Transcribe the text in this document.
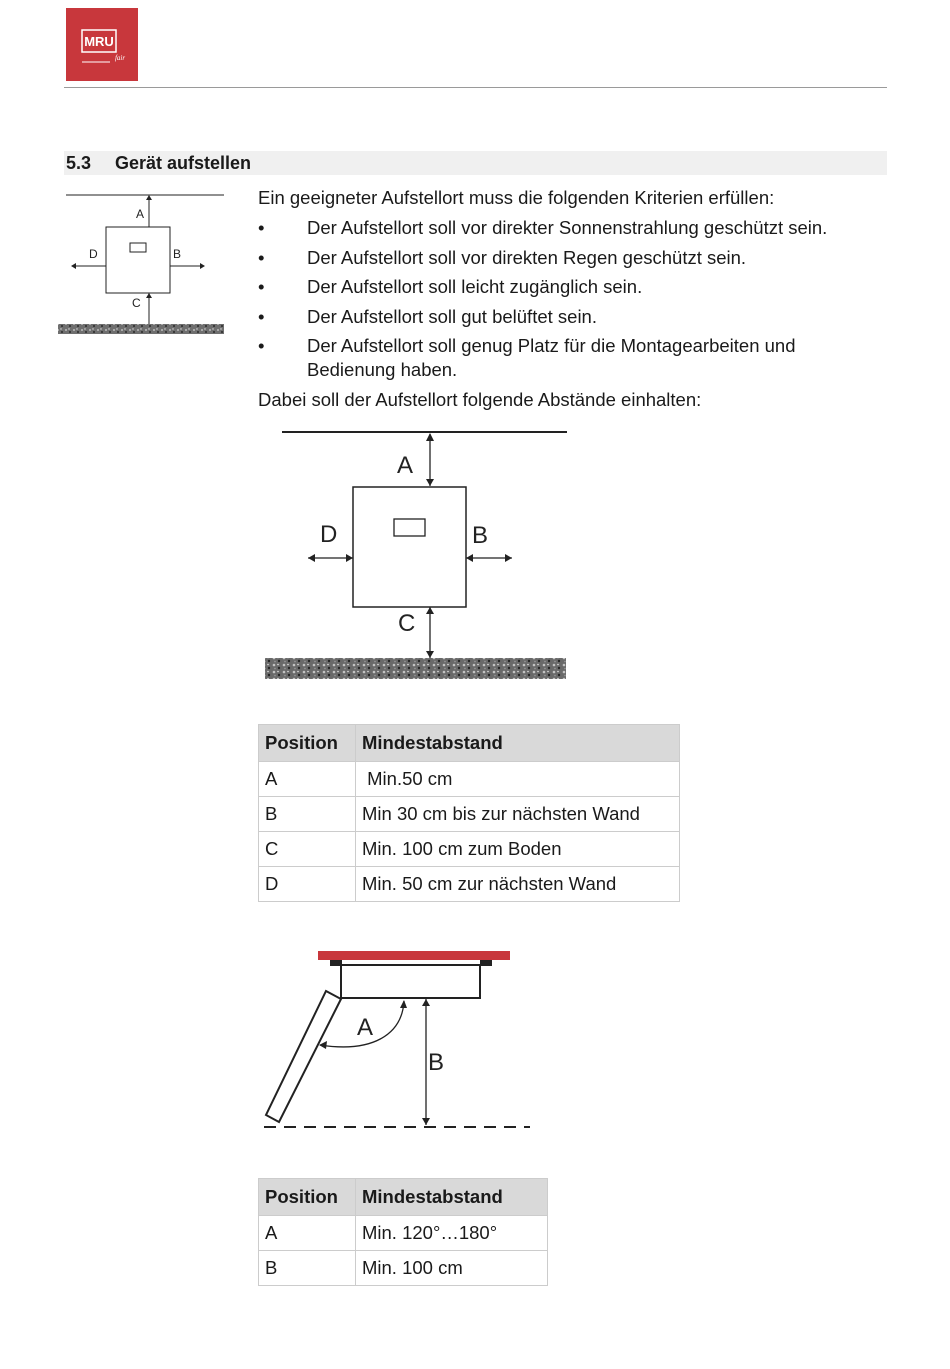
MRU
fair
5.3 Gerät aufstellen
A
B
C
D
Ein geeigneter Aufstellort muss die folgenden Kriterien erfüllen:
• Der Aufstellort soll vor direkter Sonnenstrahlung geschützt sein.
• Der Aufstellort soll vor direkten Regen geschützt sein.
• Der Aufstellort soll leicht zugänglich sein.
• Der Aufstellort soll gut belüftet sein.
• Der Aufstellort soll genug Platz für die Montagearbeiten und Bedienung haben.
Dabei soll der Aufstellort folgende Abstände einhalten:
A
B
C
D
Position	Mindestabstand
A	Min.50 cm
B	Min 30 cm bis zur nächsten Wand
C	Min. 100 cm zum Boden
D	Min. 50 cm zur nächsten Wand
A
B
Position	Mindestabstand
A	Min. 120°…180°
B	Min. 100 cm
